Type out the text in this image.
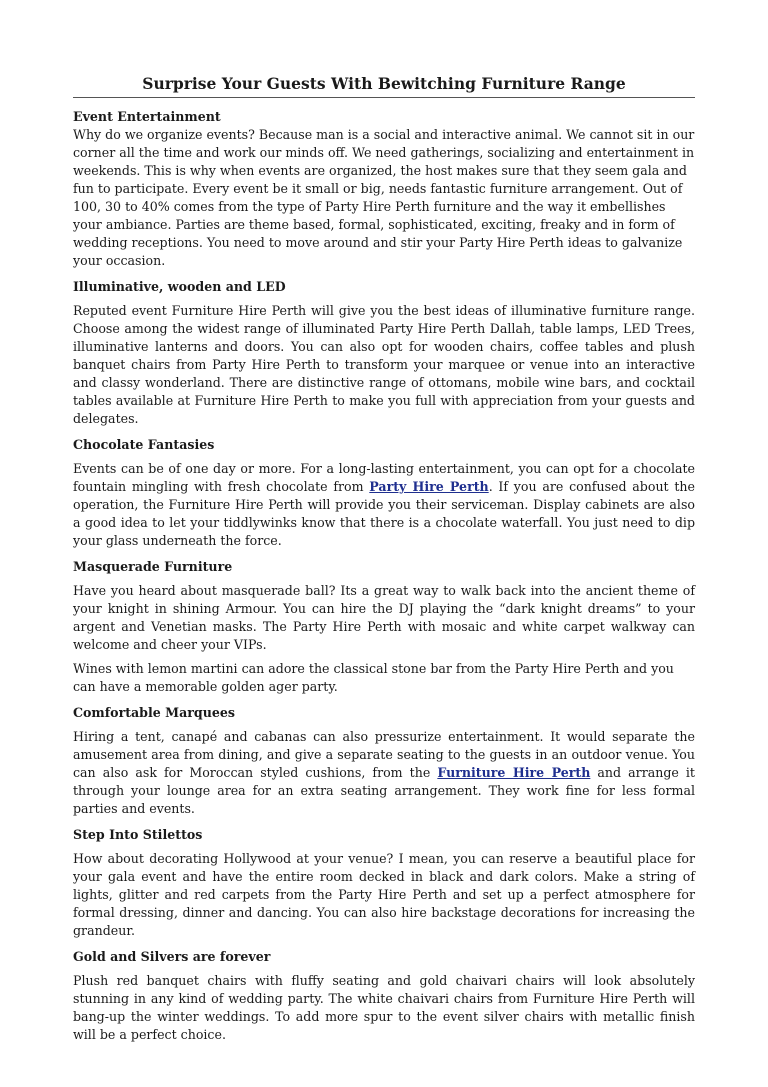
Surprise Your Guests With Bewitching Furniture Range
Event Entertainment

Why do we organize events? Because man is a social and interactive animal. We cannot sit in our corner all the time and work our minds off. We need gatherings, socializing and entertainment in weekends. This is why when events are organized, the host makes sure that they seem gala and fun to participate. Every event be it small or big, needs fantastic furniture arrangement. Out of 100, 30 to 40% comes from the type of Party Hire Perth furniture and the way it embellishes your ambiance. Parties are theme based, formal, sophisticated, exciting, freaky and in form of wedding receptions. You need to move around and stir your Party Hire Perth ideas to galvanize your occasion.

Illuminative, wooden and LED

Reputed event Furniture Hire Perth will give you the best ideas of illuminative furniture range. Choose among the widest range of illuminated Party Hire Perth Dallah, table lamps, LED Trees, illuminative lanterns and doors. You can also opt for wooden chairs, coffee tables and plush banquet chairs from Party Hire Perth to transform your marquee or venue into an interactive and classy wonderland. There are distinctive range of ottomans, mobile wine bars, and cocktail tables available at Furniture Hire Perth to make you full with appreciation from your guests and delegates.

Chocolate Fantasies

Events can be of one day or more. For a long-lasting entertainment, you can opt for a chocolate fountain mingling with fresh chocolate from Party Hire Perth. If you are confused about the operation, the Furniture Hire Perth will provide you their serviceman. Display cabinets are also a good idea to let your tiddlywinks know that there is a chocolate waterfall. You just need to dip your glass underneath the force.

Masquerade Furniture

Have you heard about masquerade ball? Its a great way to walk back into the ancient theme of your knight in shining Armour. You can hire the DJ playing the “dark knight dreams” to your argent and Venetian masks. The Party Hire Perth with mosaic and white carpet walkway can welcome and cheer your VIPs.

Wines with lemon martini can adore the classical stone bar from the Party Hire Perth and you can have a memorable golden ager party.

Comfortable Marquees

Hiring a tent, canapé and cabanas can also pressurize entertainment. It would separate the amusement area from dining, and give a separate seating to the guests in an outdoor venue. You can also ask for Moroccan styled cushions, from the Furniture Hire Perth and arrange it through your lounge area for an extra seating arrangement. They work fine for less formal parties and events.

Step Into Stilettos

How about decorating Hollywood at your venue? I mean, you can reserve a beautiful place for your gala event and have the entire room decked in black and dark colors. Make a string of lights, glitter and red carpets from the Party Hire Perth and set up a perfect atmosphere for formal dressing, dinner and dancing. You can also hire backstage decorations for increasing the grandeur.

Gold and Silvers are forever

Plush red banquet chairs with fluffy seating and gold chaivari chairs will look absolutely stunning in any kind of wedding party. The white chaivari chairs from Furniture Hire Perth will bang-up the winter weddings. To add more spur to the event silver chairs with metallic finish will be a perfect choice.
